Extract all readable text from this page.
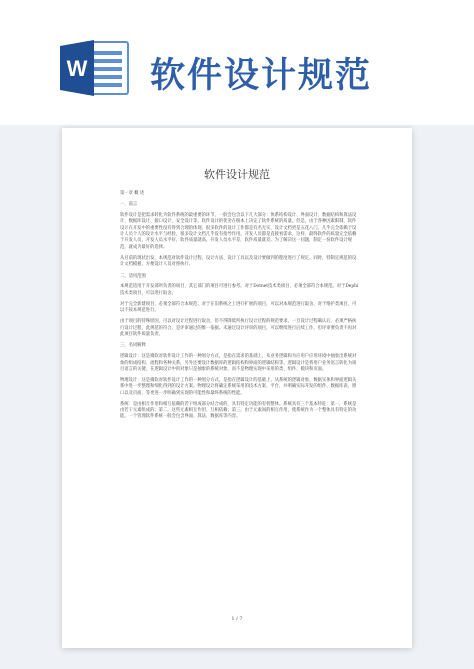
W 软件设计规范
软件设计规范

第一章 概 述

一、前言

软件设计是把需求转化为软件系统的最重要的环节，一般会包含以下几大部分：体系结构设计、界面设计、数据结构和算法设计、数据库设计、接口设计、安全设计等。软件设计的优劣在根本上决定了软件系统的质量。但是，由于各种因素限制，软件设计在开发中的重要性没有得到合理的体现，很多软件的设计工作都是有名无实，设计文档更是五花八门，几乎完全依赖于设计人员个人的设计水平与经验，很多设计文档几乎没有指导作用。开发人员都是直接看需求，这样，最终软件的质量完全依赖于开发人员，开发人员水平好，软件质量就高，开发人员水平差，软件质量就差。为了解决这一问题，制定一份软件设计规范，就成为最好的选择。

从目前的现状出发，本规范对软件设计过程、设计方法、设计工具以及设计要做到的程度进行了规定。同时，特制定规范的设计文档模板，方便设计人员对照执行。

二、适用范围

本规范适用于开发部所负责的项目，其它部门的项目可进行参考。对于Dotnet技术类项目，必须全部符合本规范。对于Dephi技术类项目，可以进行取舍。

对于完全新建项目，必须全部符合本规范；对于在旧系统之上进行扩展的项目，可以对本规范进行取舍，对于维护类项目，可以不按本规范进行。

由于项目的特殊原因，可以对设计过程进行取舍，但不得降低所执行设计过程的规范要求。一旦设计过程确认后，必须严格执行设计过程，此规范的符合，是评审通过的惟一依据。未通过设计评审的项目，可以继续进行后续工作，但评审要负责不再对此项目软件质量负责。

三、名词解释

逻辑设计：这是微软对软件设计工作的一种划分方式，是指在需求的基础上，从业务逻辑和为应用户应用环境中抽象出系统对象的组成结构、流程和各种关系，另外还要设计数据库的逻辑结构和界面的逻辑结构等。逻辑设计是将用户业务语言转化为项目语言的关键，在逻辑设计中的对象只是抽象的系统对象，而不是物理实现中采用的类、组件、模块和页面。

物理设计：这是微软对软件设计工作的一种划分方式，是指在逻辑设计的基础上，从系统的逻辑对象、数据实体和界面逻辑关系中进一步整理和细化得到的设计方案。物理设计将确定系统采用的技术方案、平台，并明确实际开发的组件、数据库表、窗口以及页面，等更进一步明确到实现的可能性和最终系统的性能。

系统：是由相互作用和相互依赖的若干组成部分结合成的，具有特定功能的有机整体。系统具有三个基本特征：第一，系统是由若干元素组成的；第二，这些元素相互作用、互相依赖；第三，由于元素间的相互作用，使系统作为一个整体具有特定的功能。一个管理软件系统一般会包含界面、算法、数据库等内容。

1 / 7
